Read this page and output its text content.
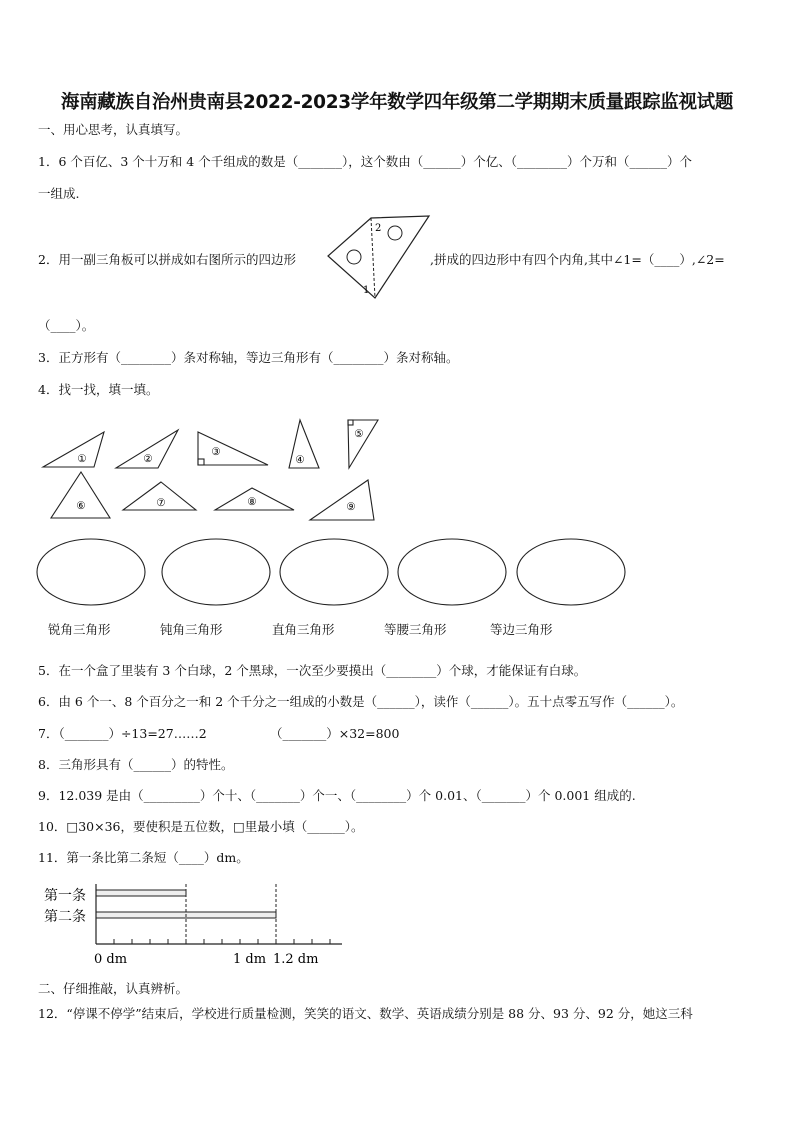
海南藏族自治州贵南县2022-2023学年数学四年级第二学期期末质量跟踪监视试题
一、用心思考，认真填写。
1．6 个百亿、3 个十万和 4 个千组成的数是（_______），这个数由（______）个亿、（________）个万和（______）个
一组成.
2．用一副三角板可以拼成如右图所示的四边形
2
1
,拼成的四边形中有四个内角,其中∠1=（____）,∠2=
（____）。
3．正方形有（________）条对称轴，等边三角形有（________）条对称轴。
4．找一找，填一填。
①	②
③
④
⑤
⑥	⑦	⑧	⑨
锐角三角形	钝角三角形	直角三角形	等腰三角形	等边三角形
5．在一个盒了里装有 3 个白球，2 个黑球，一次至少要摸出（________）个球，才能保证有白球。
6．由 6 个一、8 个百分之一和 2 个千分之一组成的小数是（______），读作（______）。五十点零五写作（______）。
7．（_______）÷13=27……2	（_______）×32=800
8．三角形具有（______）的特性。
9．12.039 是由（_________）个十、（_______）个一、（________）个 0.01、（_______）个 0.001 组成的.
10．□30×36，要使积是五位数，□里最小填（______）。
11．第一条比第二条短（____）dm。
第一条
第二条
0 dm	1 dm 1.2 dm
二、仔细推敲，认真辨析。
12．“停课不停学”结束后，学校进行质量检测，笑笑的语文、数学、英语成绩分别是 88 分、93 分、92 分，她这三科
